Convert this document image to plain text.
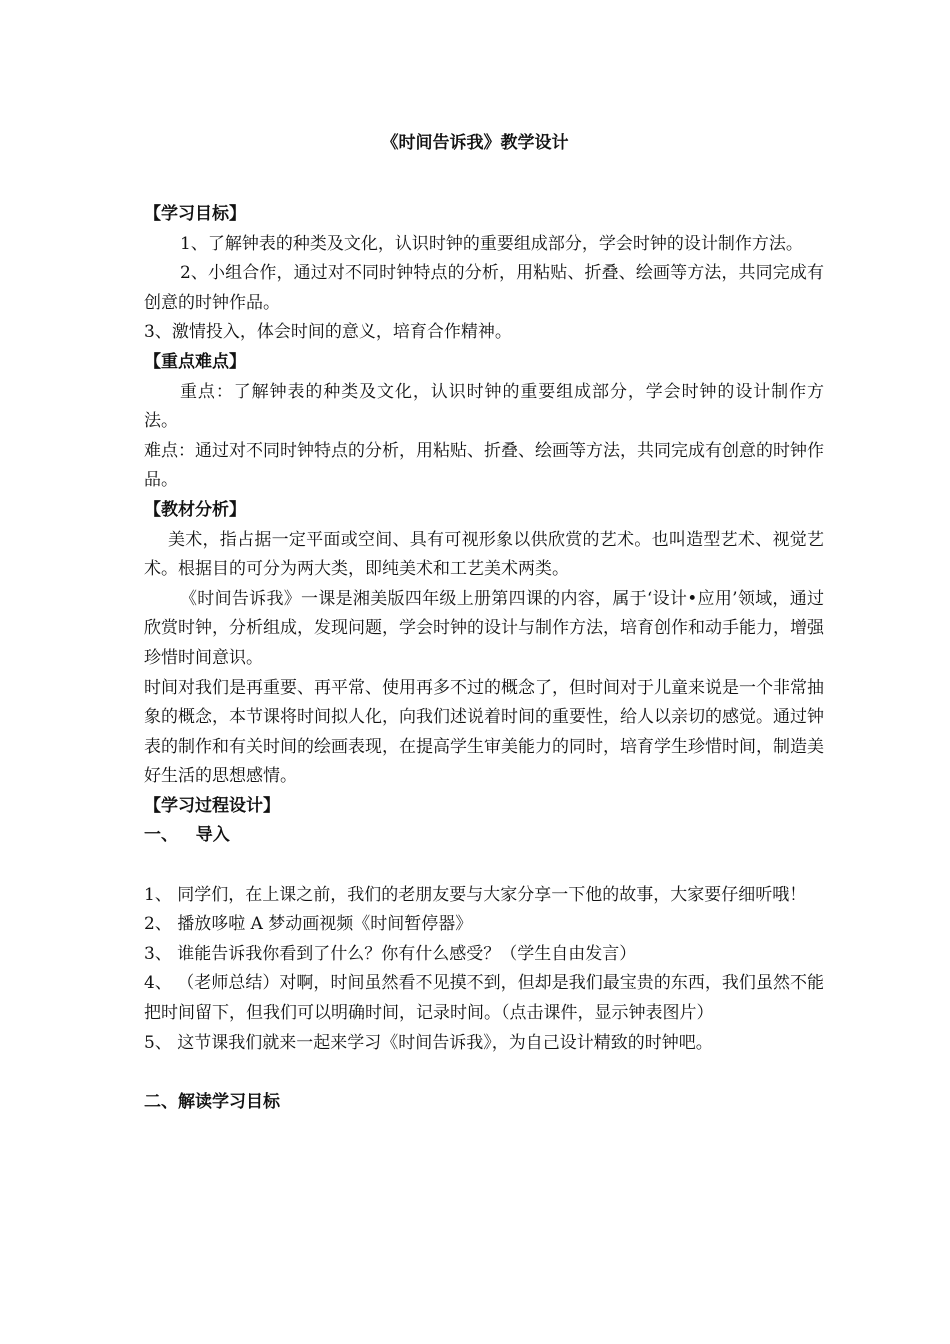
《时间告诉我》教学设计

【学习目标】

1、了解钟表的种类及文化，认识时钟的重要组成部分，学会时钟的设计制作方法。

2、小组合作，通过对不同时钟特点的分析，用粘贴、折叠、绘画等方法，共同完成有创意的时钟作品。

3、激情投入，体会时间的意义，培育合作精神。

【重点难点】

重点：了解钟表的种类及文化，认识时钟的重要组成部分，学会时钟的设计制作方法。

难点：通过对不同时钟特点的分析，用粘贴、折叠、绘画等方法，共同完成有创意的时钟作品。

【教材分析】

美术，指占据一定平面或空间、具有可视形象以供欣赏的艺术。也叫造型艺术、视觉艺术。根据目的可分为两大类，即纯美术和工艺美术两类。

《时间告诉我》一课是湘美版四年级上册第四课的内容，属于‘设计•应用’领域，通过欣赏时钟，分析组成，发现问题，学会时钟的设计与制作方法，培育创作和动手能力，增强珍惜时间意识。

时间对我们是再重要、再平常、使用再多不过的概念了，但时间对于儿童来说是一个非常抽象的概念，本节课将时间拟人化，向我们述说着时间的重要性，给人以亲切的感觉。通过钟表的制作和有关时间的绘画表现，在提高学生审美能力的同时，培育学生珍惜时间，制造美好生活的思想感情。

【学习过程设计】

一、   导入

1、 同学们，在上课之前，我们的老朋友要与大家分享一下他的故事，大家要仔细听哦！

2、 播放哆啦 A 梦动画视频《时间暂停器》

3、 谁能告诉我你看到了什么？你有什么感受？（学生自由发言）

4、 （老师总结）对啊，时间虽然看不见摸不到，但却是我们最宝贵的东西，我们虽然不能把时间留下，但我们可以明确时间，记录时间。（点击课件，显示钟表图片）

5、 这节课我们就来一起来学习《时间告诉我》，为自己设计精致的时钟吧。

二、解读学习目标
